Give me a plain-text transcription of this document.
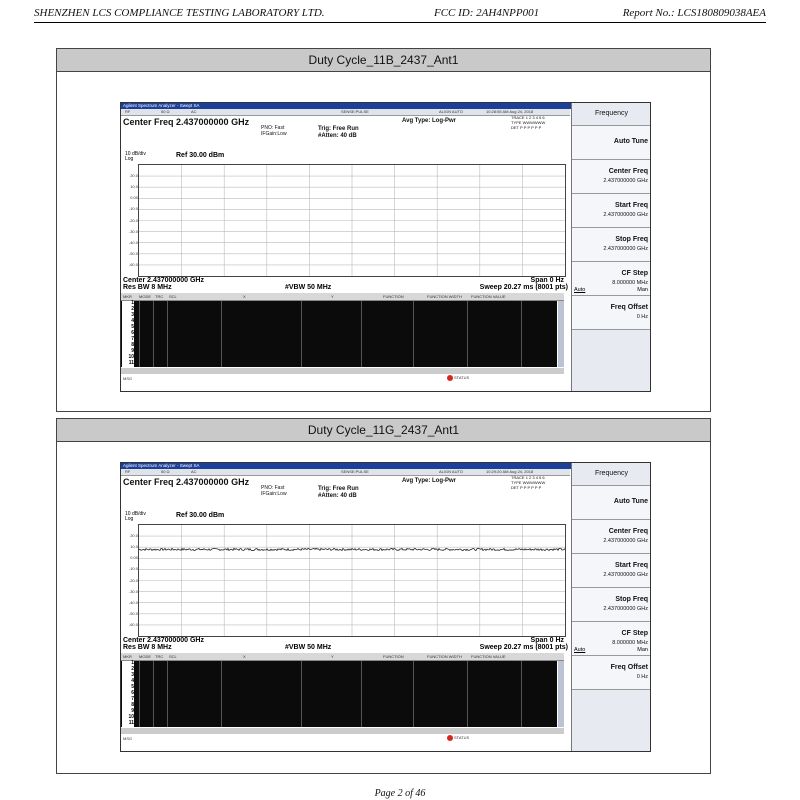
SHENZHEN LCS COMPLIANCE TESTING LABORATORY LTD.	FCC ID: 2AH4NPP001	Report No.: LCS180809038AEA
Duty Cycle_11B_2437_Ant1
Duty Cycle_11G_2437_Ant1
Page 2 of 46
Agilent Spectrum Analyzer - Swept SA
RF	50 Ω	AC	SENSE:PULSE	ALIGN AUTO	10:28:55 AM Aug 24, 2018
Center Freq 2.437000000 GHz
PNO: Fast
IFGain:Low
Trig: Free Run
#Atten: 40 dB
Avg Type: Log-Pwr
TRACE 1 2 3 4 5 6
TYPE WWWWWW
DET P P P P P P
10 dB/div
Log	Ref 30.00 dBm
20.0
10.0
0.00
-10.0
-20.0
-30.0
-40.0
-50.0
-60.0
Center 2.437000000 GHz
Res BW 8 MHz	#VBW 50 MHz
Span 0 Hz
Sweep 20.27 ms (8001 pts)
MKR MODE TRC SCL	X	Y	FUNCTION	FUNCTION WIDTH FUNCTION VALUE
1
2
3
4
5
6
7
8
9
10
11
MSG	STATUS
Frequency
Auto Tune
Center Freq
2.437000000 GHz
Start Freq
2.437000000 GHz
Stop Freq
2.437000000 GHz
CF Step
8.000000 MHz
Auto	Man
Freq Offset
0 Hz
Agilent Spectrum Analyzer - Swept SA
RF	50 Ω	AC	SENSE:PULSE	ALIGN AUTO	10:29:20 AM Aug 24, 2018
Center Freq 2.437000000 GHz
PNO: Fast
IFGain:Low
Trig: Free Run
#Atten: 40 dB
Avg Type: Log-Pwr
TRACE 1 2 3 4 5 6
TYPE WWWWWW
DET P P P P P P
10 dB/div
Log	Ref 30.00 dBm
20.0
10.0
0.00
-10.0
-20.0
-30.0
-40.0
-50.0
-60.0
Center 2.437000000 GHz
Res BW 8 MHz	#VBW 50 MHz
Span 0 Hz
Sweep 20.27 ms (8001 pts)
MKR MODE TRC SCL	X	Y	FUNCTION	FUNCTION WIDTH FUNCTION VALUE
1
2
3
4
5
6
7
8
9
10
11
MSG	STATUS
Frequency
Auto Tune
Center Freq
2.437000000 GHz
Start Freq
2.437000000 GHz
Stop Freq
2.437000000 GHz
CF Step
8.000000 MHz
Auto	Man
Freq Offset
0 Hz
